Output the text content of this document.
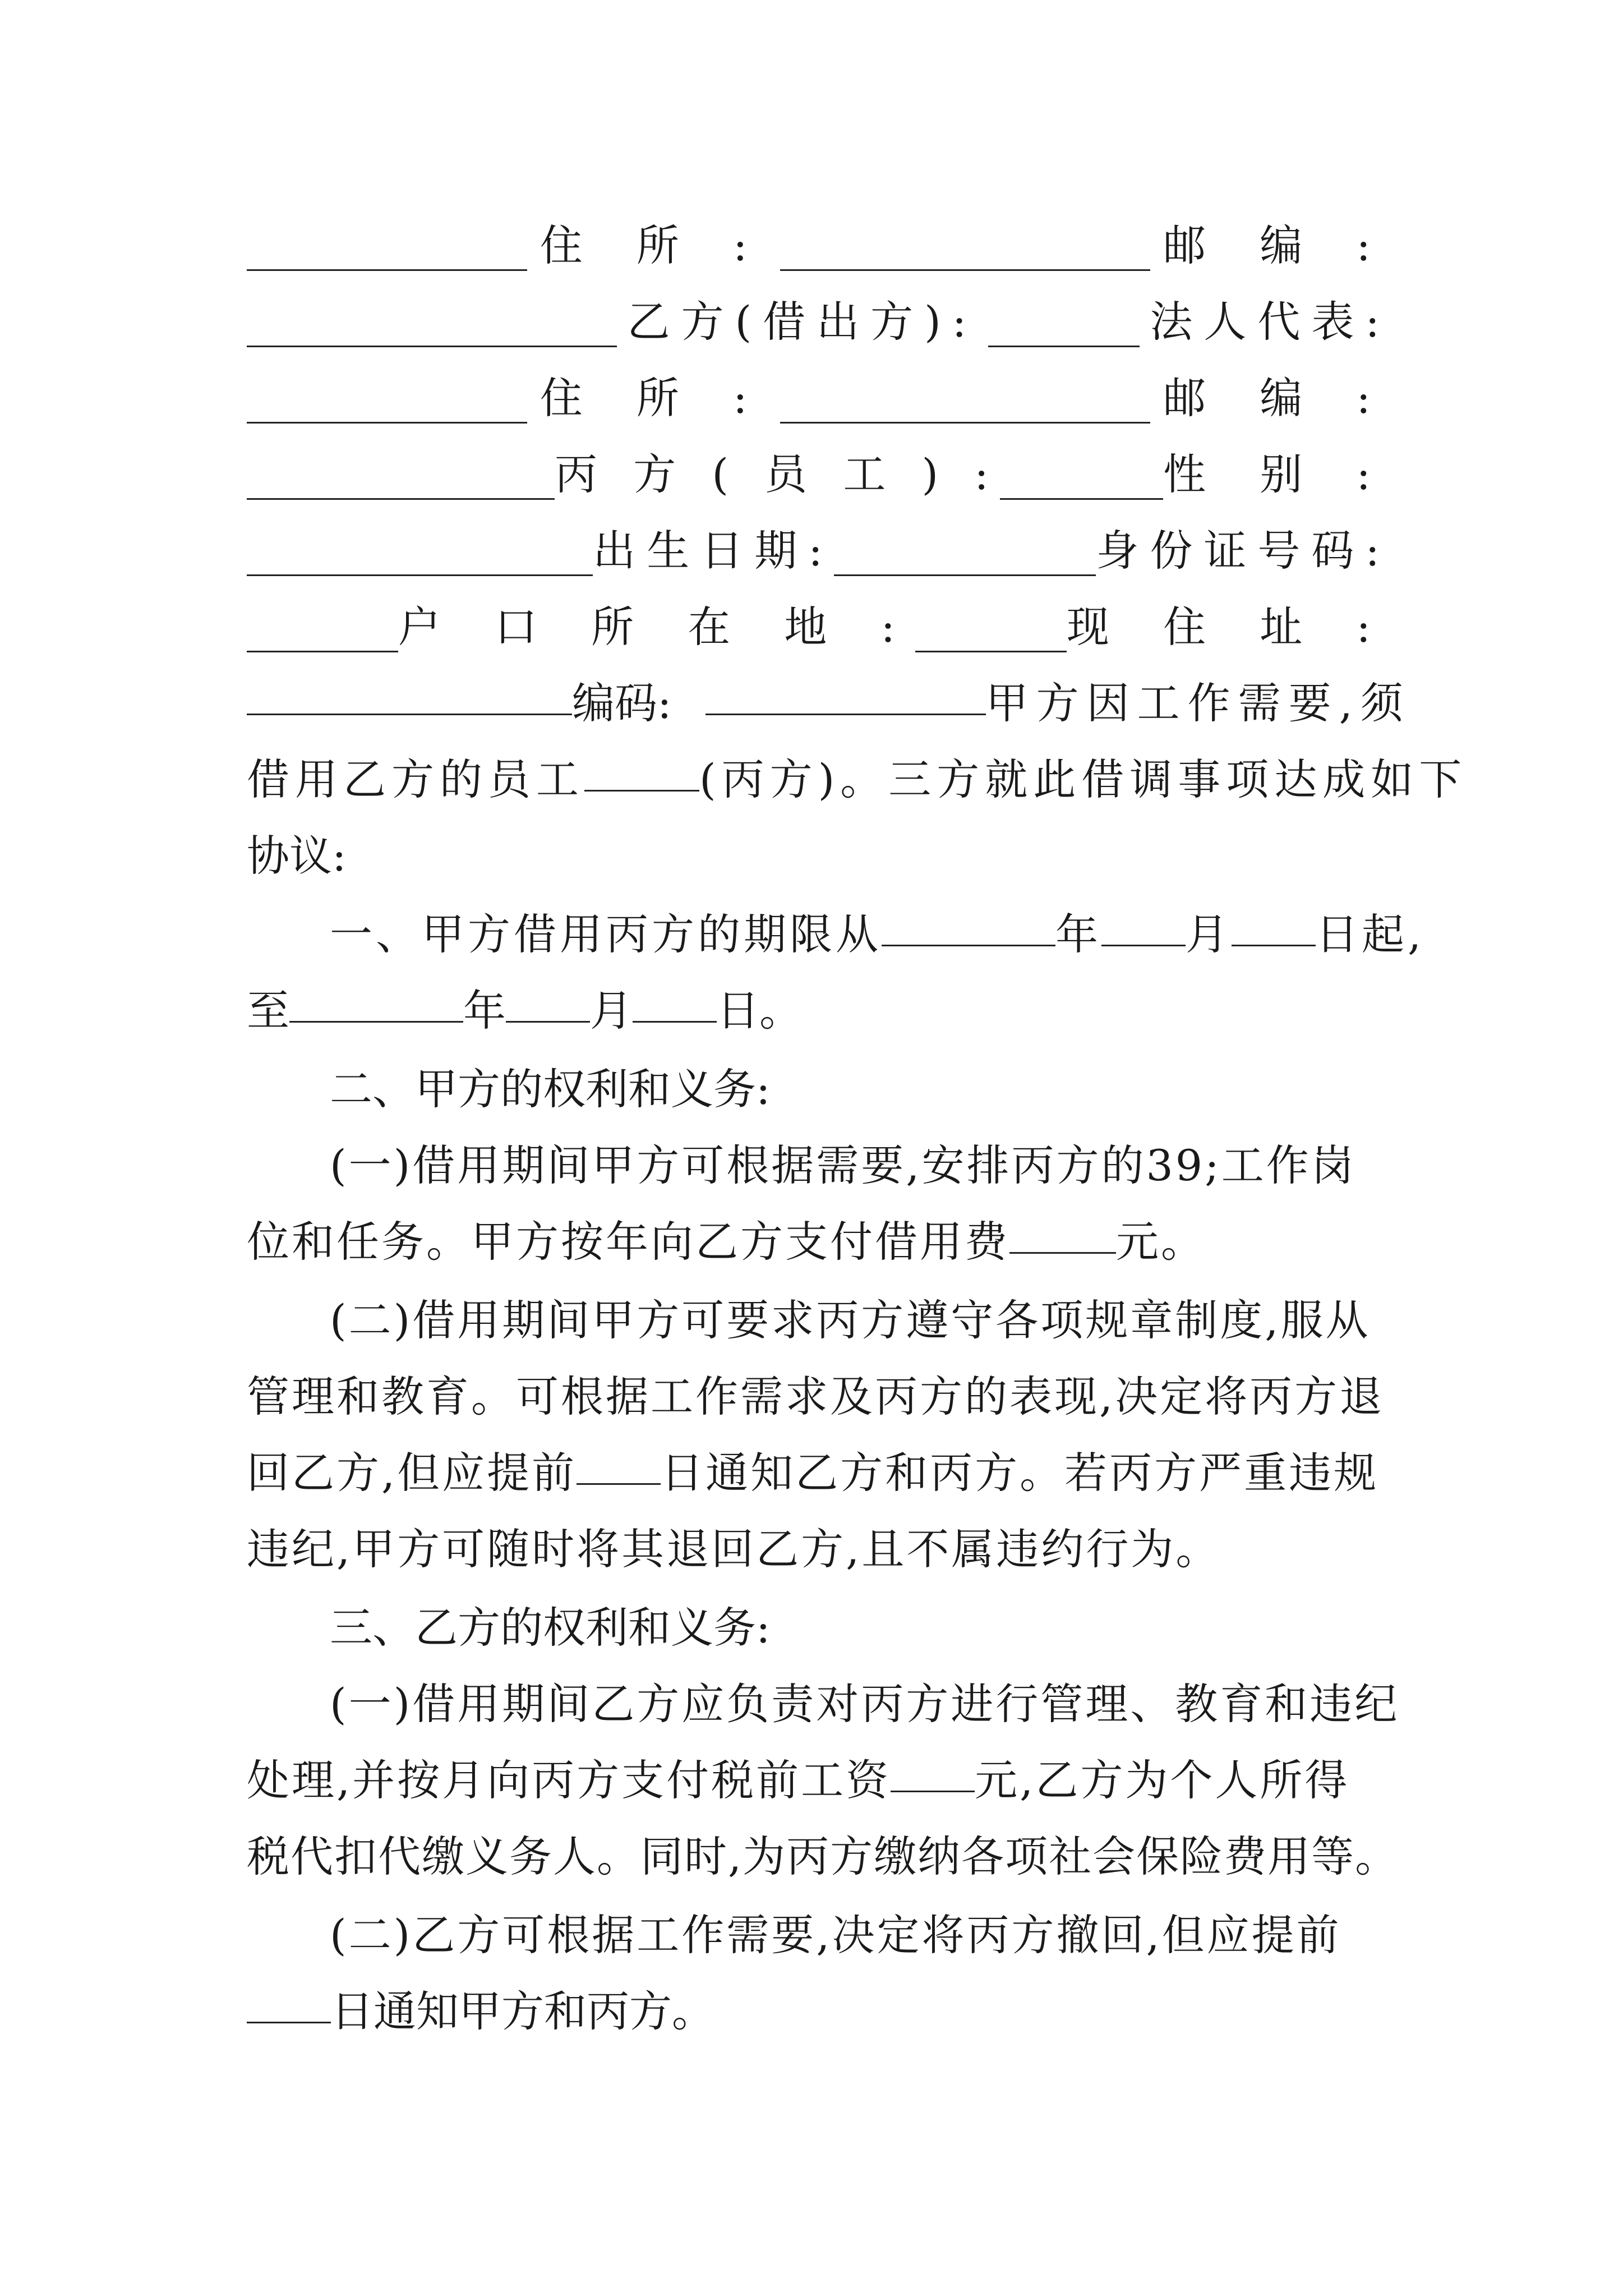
住 所 :	邮 编 :
乙方(借出方):	法人代表:
住 所 :	邮 编 :
丙 方 ( 员 工 ) :	性 别 :
出生日期:	身份证号码:
户 口 所 在 地 :	现 住 址 :
编码:	甲方因工作需要,须
借用乙方的员工	(丙方)。三方就此借调事项达成如下
协议:
一、甲方借用丙方的期限从	年 月 日起,
至	年 月 日。
二、甲方的权利和义务:
(一)借用期间甲方可根据需要,安排丙方的39;工作岗
位和任务。甲方按年向乙方支付借用费	元。
(二)借用期间甲方可要求丙方遵守各项规章制度,服从
管理和教育。可根据工作需求及丙方的表现,决定将丙方退
回乙方,但应提前 日通知乙方和丙方。若丙方严重违规
违纪,甲方可随时将其退回乙方,且不属违约行为。
三、乙方的权利和义务:
(一)借用期间乙方应负责对丙方进行管理、教育和违纪
处理,并按月向丙方支付税前工资 元,乙方为个人所得
税代扣代缴义务人。同时,为丙方缴纳各项社会保险费用等。
(二)乙方可根据工作需要,决定将丙方撤回,但应提前
日通知甲方和丙方。
